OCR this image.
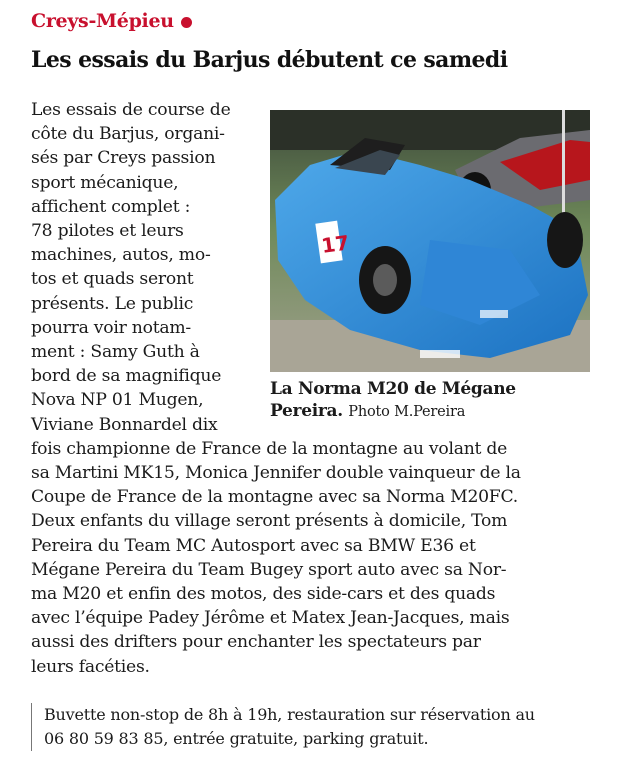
Creys-Mépieu
Les essais du Barjus débutent ce samedi
Les essais de course de
côte du Barjus, organi-
sés par Creys passion
sport mécanique,
affichent complet :
78 pilotes et leurs
machines, autos, mo-
tos et quads seront
présents. Le public
pourra voir notam-
ment : Samy Guth à
bord de sa magnifique
Nova NP 01 Mugen,
Viviane Bonnardel dix
fois championne de France de la montagne au volant de
sa Martini MK15, Monica Jennifer double vainqueur de la
Coupe de France de la montagne avec sa Norma M20FC.
Deux enfants du village seront présents à domicile, Tom
Pereira du Team MC Autosport avec sa BMW E36 et
Mégane Pereira du Team Bugey sport auto avec sa Nor-
ma M20 et enfin des motos, des side-cars et des quads
avec l’équipe Padey Jérôme et Matex Jean-Jacques, mais
aussi des drifters pour enchanter les spectateurs par
leurs facéties.
17
La Norma M20 de Mégane Pereira. Photo M.Pereira
Buvette non-stop de 8h à 19h, restauration sur réservation au
06 80 59 83 85, entrée gratuite, parking gratuit.
